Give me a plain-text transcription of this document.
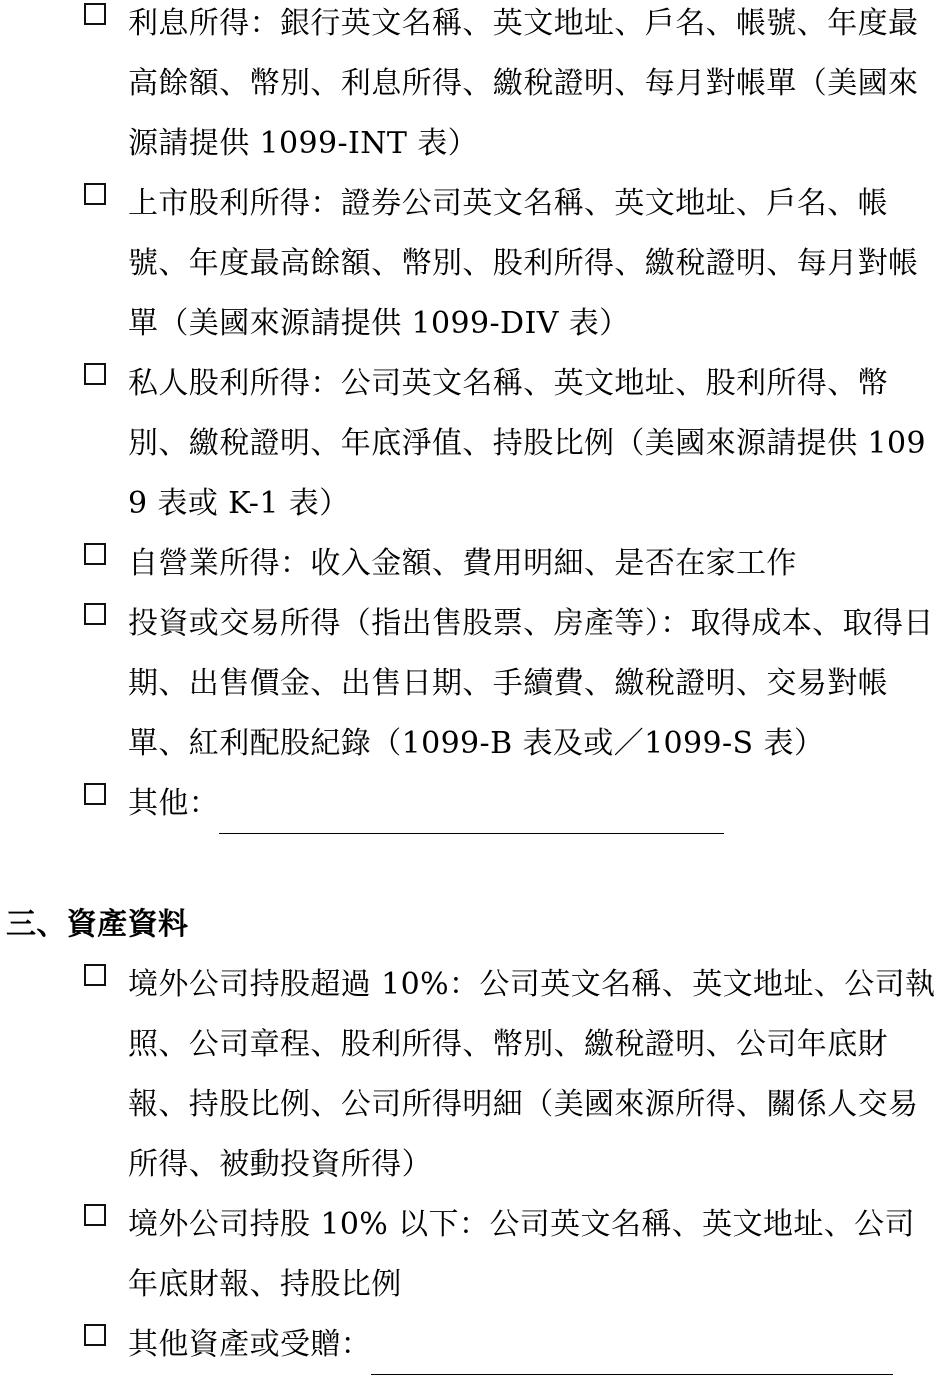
利息所得：銀行英文名稱、英文地址、戶名、帳號、年度最高餘額、幣別、利息所得、繳稅證明、每月對帳單（美國來源請提供 1099-INT 表）
上市股利所得：證券公司英文名稱、英文地址、戶名、帳號、年度最高餘額、幣別、股利所得、繳稅證明、每月對帳單（美國來源請提供 1099-DIV 表）
私人股利所得：公司英文名稱、英文地址、股利所得、幣別、繳稅證明、年底淨值、持股比例（美國來源請提供 1099 表或 K-1 表）
自營業所得：收入金額、費用明細、是否在家工作
投資或交易所得（指出售股票、房產等）：取得成本、取得日期、出售價金、出售日期、手續費、繳稅證明、交易對帳單、紅利配股紀錄（1099-B 表及或／1099-S 表）
其他：
三、資產資料
境外公司持股超過 10%：公司英文名稱、英文地址、公司執照、公司章程、股利所得、幣別、繳稅證明、公司年底財報、持股比例、公司所得明細（美國來源所得、關係人交易所得、被動投資所得）
境外公司持股 10% 以下：公司英文名稱、英文地址、公司年底財報、持股比例
其他資產或受贈：
